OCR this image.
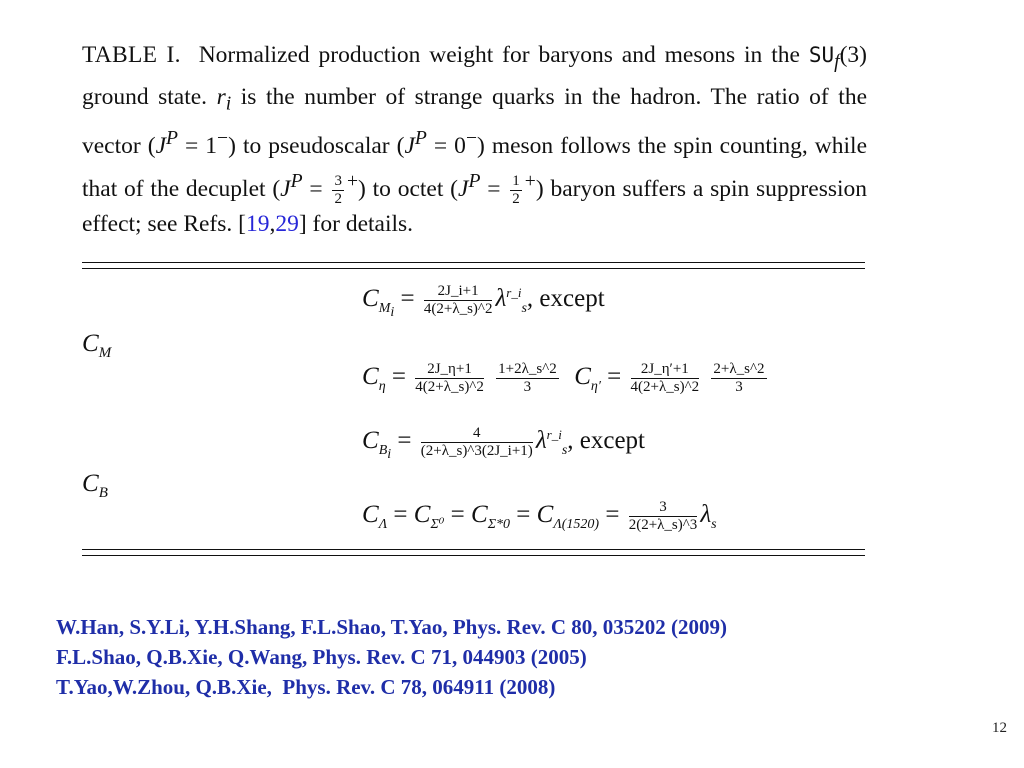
TABLE I. Normalized production weight for baryons and mesons in the $SU_f(3)$ ground state. $r_i$ is the number of strange quarks in the hadron. The ratio of the vector $(J^P = 1^-)$ to pseudoscalar $(J^P = 0^-)$ meson follows the spin counting, while that of the decuplet $(J^P = \frac{3}{2} ^+)$ to octet $(J^P = \frac{1}{2} ^+)$ baryon suffers a spin suppression effect; see Refs. [19,29] for details.
$C_M$
$C_B$
$C_{M_i} = \frac{2J\_i+1}{4(2+\lambda\_s)\^{}2} \lambda^{r\_i}_s$, except
$C_\eta = \frac{2J\_\eta+1}{4(2+\lambda\_s)\^{}2}$
$\frac{1+2\lambda\_s\^{}2}{3} C_{\eta'} = \frac{2J\_\eta'+1}{4(2+\lambda\_s)\^{}2}$
$\frac{2+\lambda\_s\^{}2}{3}$
$C_{B_i} = \frac{4}{(2+\lambda\_s)\^{}3(2J\_i+1)} \lambda^{r\_i}_s$, except
$C_\Lambda = C_{\Sigma^0} = C_{\Sigma*0} = C_{\Lambda(1520)} = \frac{3}{2(2+\lambda\_s)\^{}3} \lambda_s$
W.Han, S.Y.Li, Y.H.Shang, F.L.Shao, T.Yao, Phys. Rev. C 80, 035202 (2009)
F.L.Shao, Q.B.Xie, Q.Wang, Phys. Rev. C 71, 044903 (2005)
T.Yao,W.Zhou, Q.B.Xie,  Phys. Rev. C 78, 064911 (2008)
12
